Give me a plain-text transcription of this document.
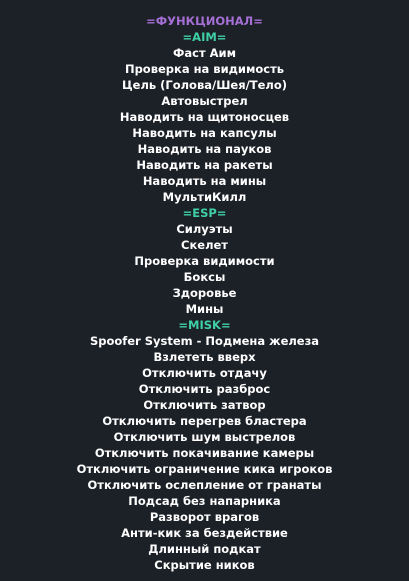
=ФУНКЦИОНАЛ=
=AIM=
Фаст Аим
Проверка на видимость
Цель (Голова/Шея/Тело)
Автовыстрел
Наводить на щитоносцев
Наводить на капсулы
Наводить на пауков
Наводить на ракеты
Наводить на мины
МультиКилл
=ESP=
Силуэты
Скелет
Проверка видимости
Боксы
Здоровье
Мины
=MISK=
Spoofer System - Подмена железа
Взлететь вверх
Отключить отдачу
Отключить разброс
Отключить затвор
Отключить перегрев бластера
Отключить шум выстрелов
Отключить покачивание камеры
Отключить ограничение кика игроков
Отключить ослепление от гранаты
Подсад без напарника
Разворот врагов
Анти-кик за бездействие
Длинный подкат
Скрытие ников
